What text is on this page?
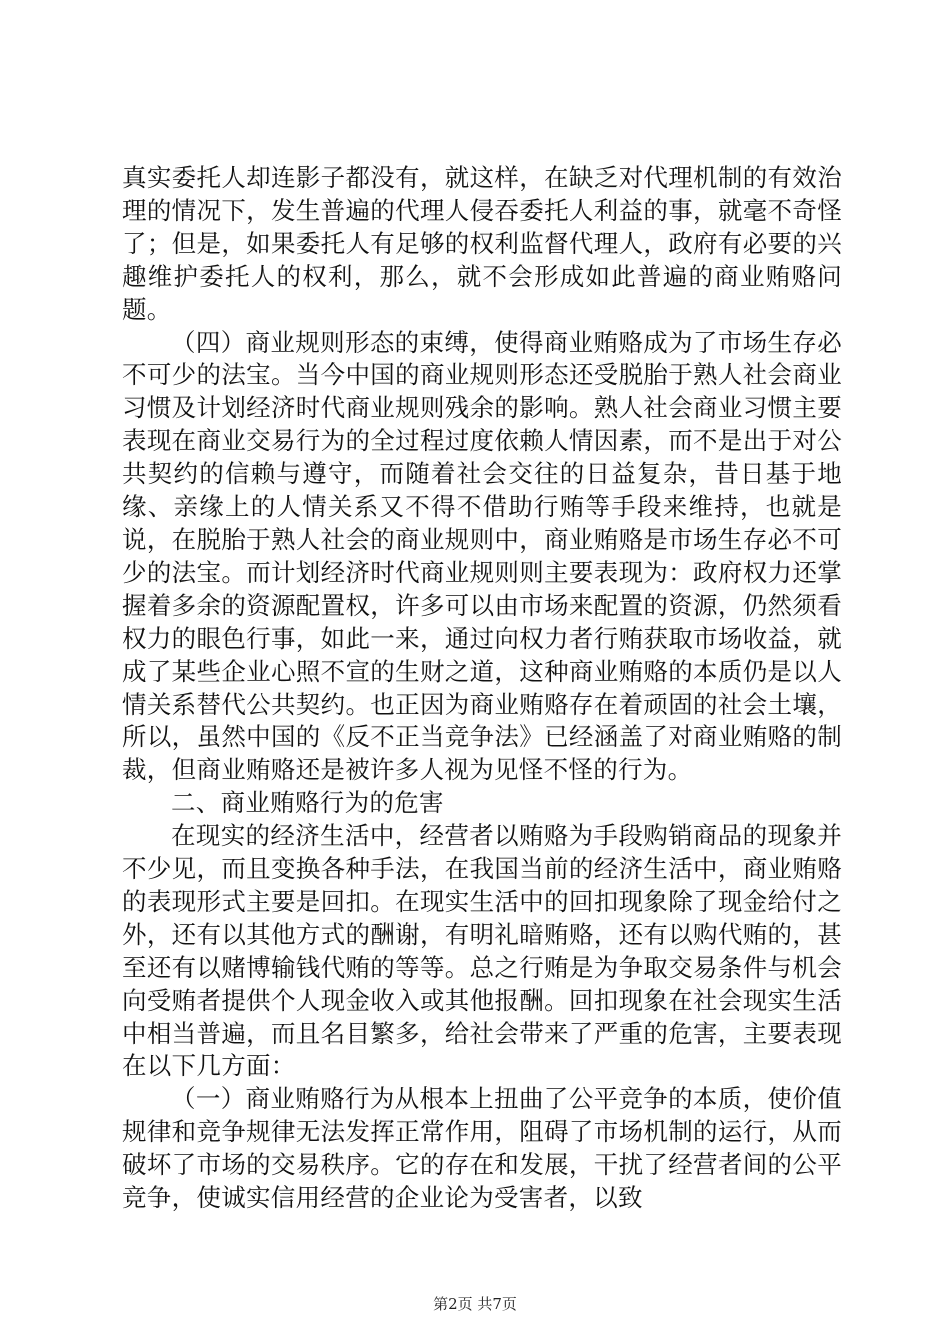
真实委托人却连影子都没有，就这样，在缺乏对代理机制的有效治理的情况下，发生普遍的代理人侵吞委托人利益的事，就毫不奇怪了；但是，如果委托人有足够的权利监督代理人，政府有必要的兴趣维护委托人的权利，那么，就不会形成如此普遍的商业贿赂问题。

（四）商业规则形态的束缚，使得商业贿赂成为了市场生存必不可少的法宝。当今中国的商业规则形态还受脱胎于熟人社会商业习惯及计划经济时代商业规则残余的影响。熟人社会商业习惯主要表现在商业交易行为的全过程过度依赖人情因素，而不是出于对公共契约的信赖与遵守，而随着社会交往的日益复杂，昔日基于地缘、亲缘上的人情关系又不得不借助行贿等手段来维持，也就是说，在脱胎于熟人社会的商业规则中，商业贿赂是市场生存必不可少的法宝。而计划经济时代商业规则则主要表现为：政府权力还掌握着多余的资源配置权，许多可以由市场来配置的资源，仍然须看权力的眼色行事，如此一来，通过向权力者行贿获取市场收益，就成了某些企业心照不宣的生财之道，这种商业贿赂的本质仍是以人情关系替代公共契约。也正因为商业贿赂存在着顽固的社会土壤，所以，虽然中国的《反不正当竞争法》已经涵盖了对商业贿赂的制裁，但商业贿赂还是被许多人视为见怪不怪的行为。

二、商业贿赂行为的危害

在现实的经济生活中，经营者以贿赂为手段购销商品的现象并不少见，而且变换各种手法，在我国当前的经济生活中，商业贿赂的表现形式主要是回扣。在现实生活中的回扣现象除了现金给付之外，还有以其他方式的酬谢，有明礼暗贿赂，还有以购代贿的，甚至还有以赌博输钱代贿的等等。总之行贿是为争取交易条件与机会向受贿者提供个人现金收入或其他报酬。回扣现象在社会现实生活中相当普遍，而且名目繁多，给社会带来了严重的危害，主要表现在以下几方面：

（一）商业贿赂行为从根本上扭曲了公平竞争的本质，使价值规律和竞争规律无法发挥正常作用，阻碍了市场机制的运行，从而破坏了市场的交易秩序。它的存在和发展，干扰了经营者间的公平竞争，使诚实信用经营的企业论为受害者，以致

第2页 共7页
